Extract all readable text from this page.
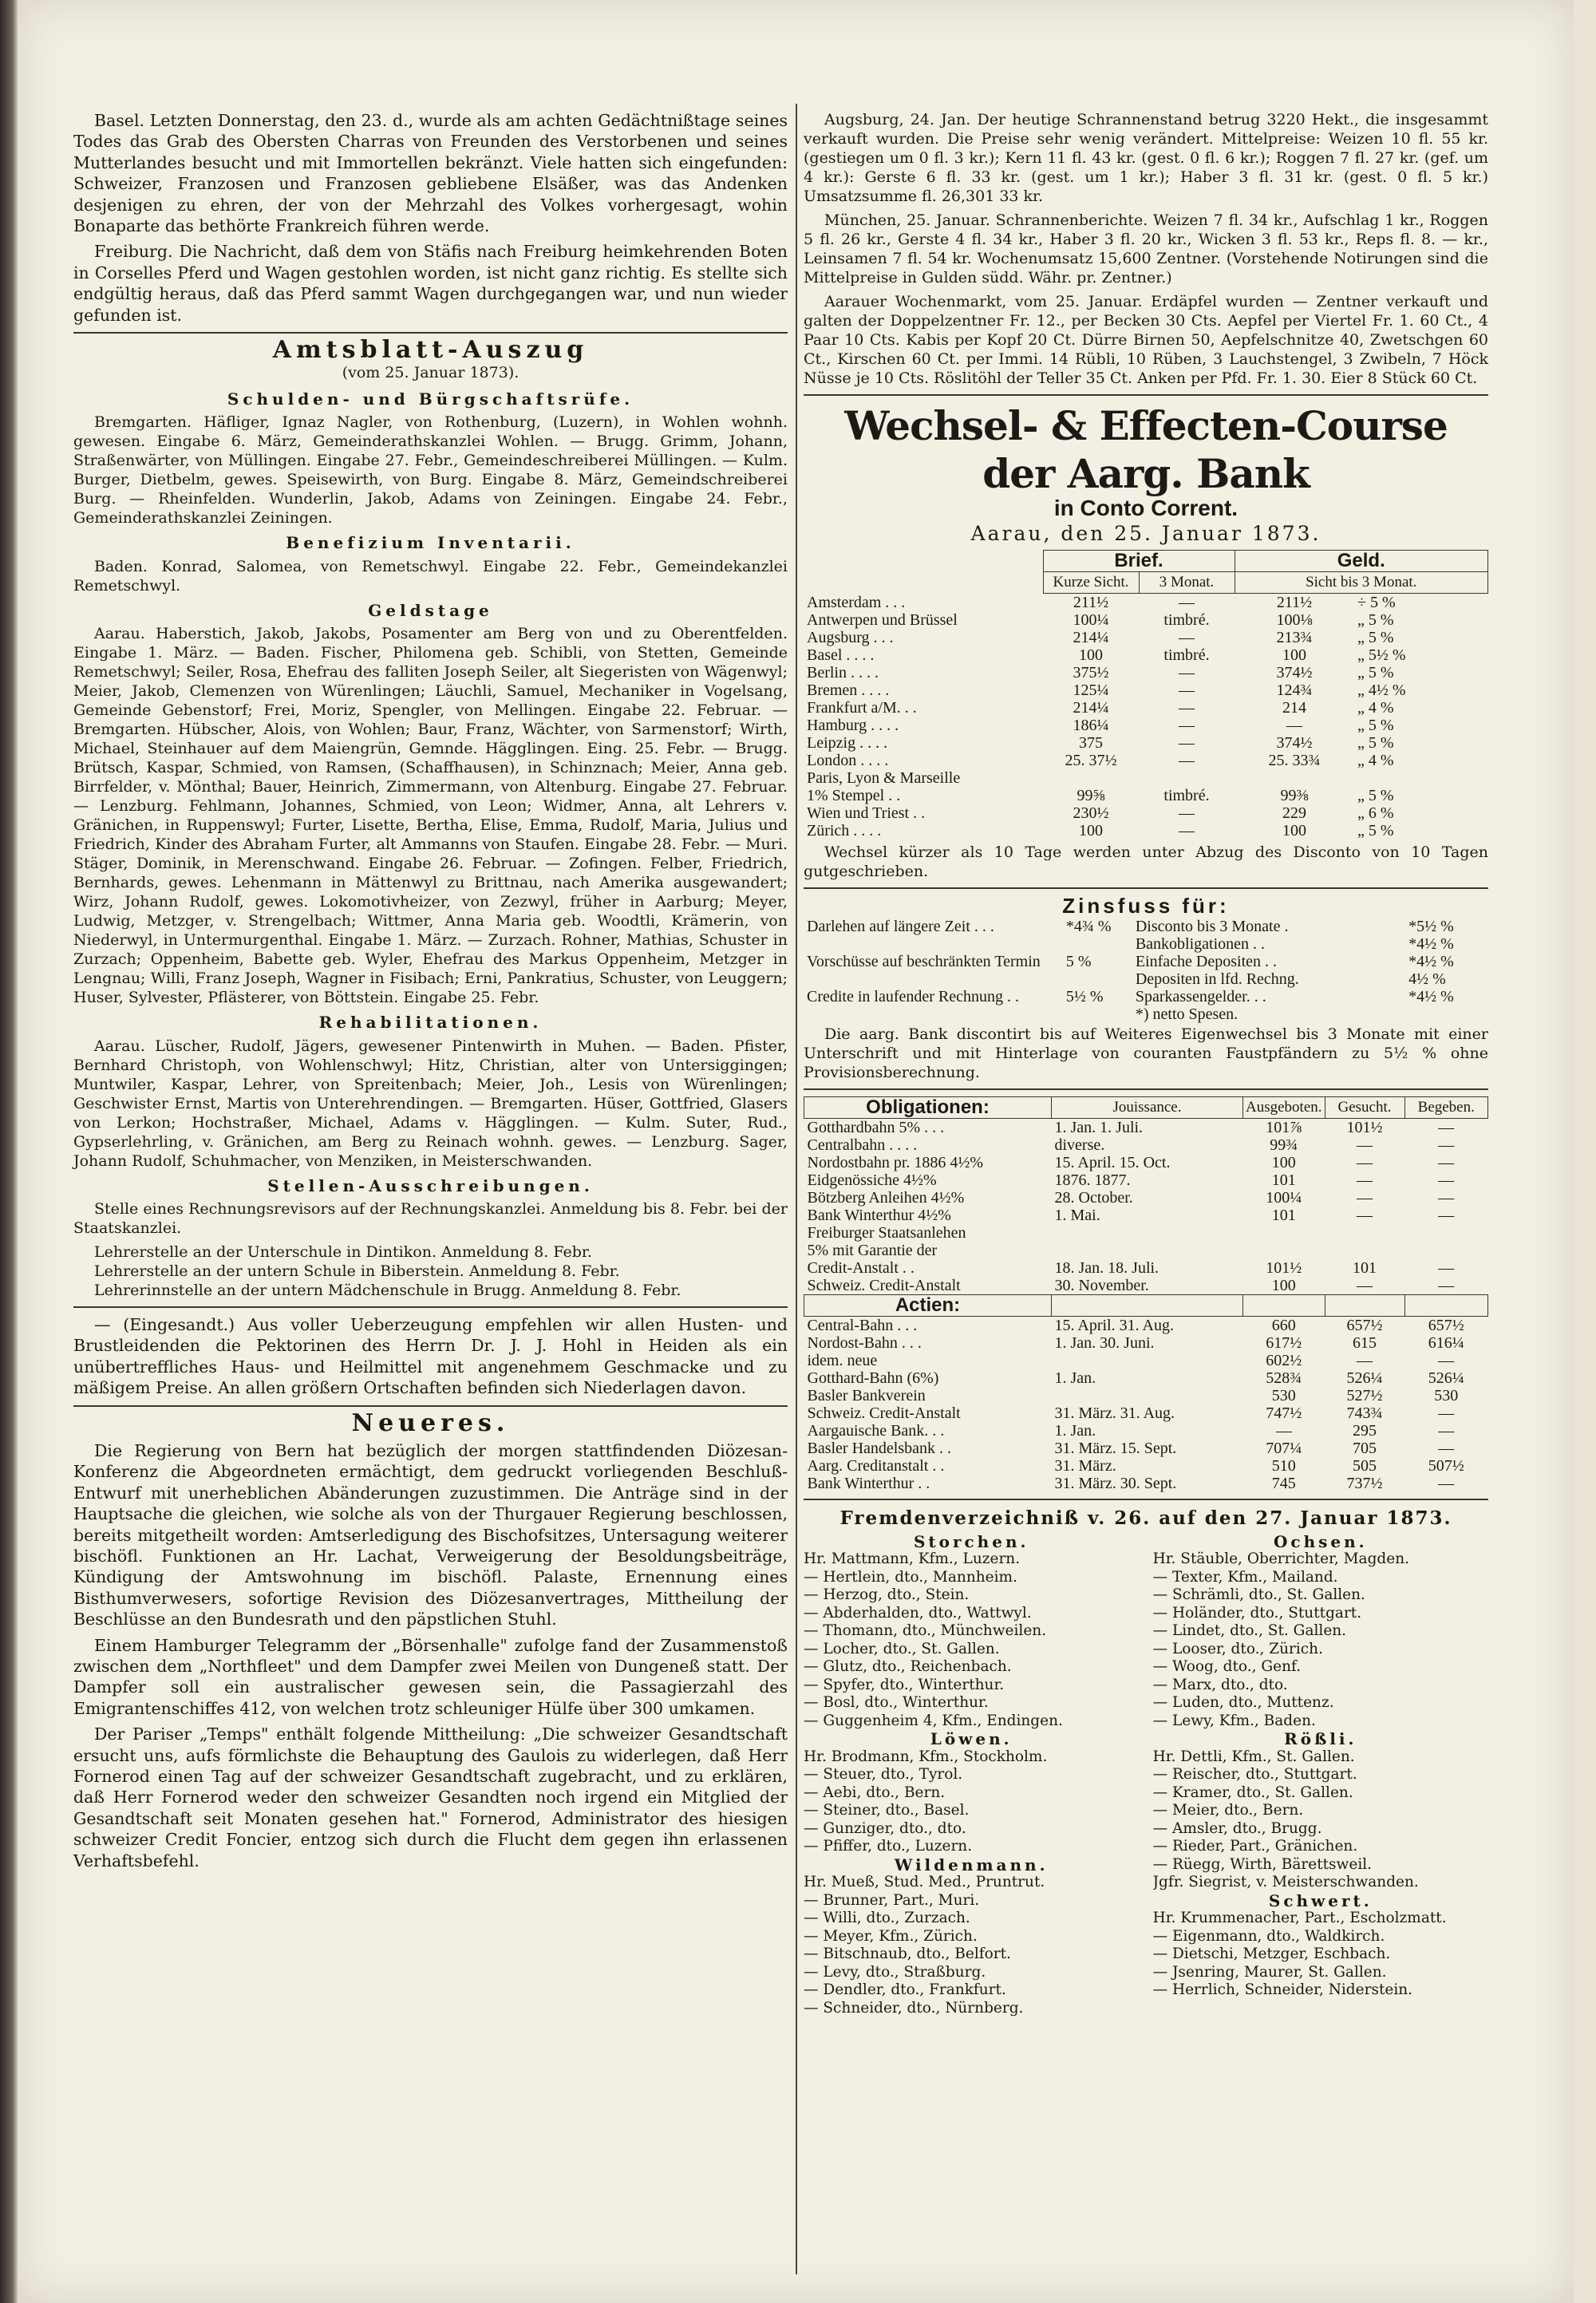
Basel. Letzten Donnerstag, den 23. d., wurde als am achten Gedächtnißtage seines Todes das Grab des Obersten Charras von Freunden des Verstorbenen und seines Mutterlandes besucht und mit Immortellen bekränzt. Viele hatten sich eingefunden: Schweizer, Franzosen und Franzosen gebliebene Elsäßer, was das Andenken desjenigen zu ehren, der von der Mehrzahl des Volkes vorhergesagt, wohin Bonaparte das bethörte Frankreich führen werde.

Freiburg. Die Nachricht, daß dem von Stäfis nach Freiburg heimkehrenden Boten in Corselles Pferd und Wagen gestohlen worden, ist nicht ganz richtig. Es stellte sich endgültig heraus, daß das Pferd sammt Wagen durchgegangen war, und nun wieder gefunden ist.

Amtsblatt-Auszug
(vom 25. Januar 1873).
Schulden- und Bürgschaftsrüfe.

Bremgarten. Häfliger, Ignaz Nagler, von Rothenburg, (Luzern), in Wohlen wohnh. gewesen. Eingabe 6. März, Gemeinderathskanzlei Wohlen. — Brugg. Grimm, Johann, Straßenwärter, von Müllingen. Eingabe 27. Febr., Gemeindeschreiberei Müllingen. — Kulm. Burger, Dietbelm, gewes. Speisewirth, von Burg. Eingabe 8. März, Gemeindschreiberei Burg. — Rheinfelden. Wunderlin, Jakob, Adams von Zeiningen. Eingabe 24. Febr., Gemeinderathskanzlei Zeiningen.

Benefizium Inventarii.

Baden. Konrad, Salomea, von Remetschwyl. Eingabe 22. Febr., Gemeindekanzlei Remetschwyl.

Geldstage

Aarau. Haberstich, Jakob, Jakobs, Posamenter am Berg von und zu Oberentfelden. Eingabe 1. März. — Baden. Fischer, Philomena geb. Schibli, von Stetten, Gemeinde Remetschwyl; Seiler, Rosa, Ehefrau des falliten Joseph Seiler, alt Siegeristen von Wägenwyl; Meier, Jakob, Clemenzen von Würenlingen; Läuchli, Samuel, Mechaniker in Vogelsang, Gemeinde Gebenstorf; Frei, Moriz, Spengler, von Mellingen. Eingabe 22. Februar. — Bremgarten. Hübscher, Alois, von Wohlen; Baur, Franz, Wächter, von Sarmenstorf; Wirth, Michael, Steinhauer auf dem Maiengrün, Gemnde. Hägglingen. Eing. 25. Febr. — Brugg. Brütsch, Kaspar, Schmied, von Ramsen, (Schaffhausen), in Schinznach; Meier, Anna geb. Birrfelder, v. Mönthal; Bauer, Heinrich, Zimmermann, von Altenburg. Eingabe 27. Februar. — Lenzburg. Fehlmann, Johannes, Schmied, von Leon; Widmer, Anna, alt Lehrers v. Gränichen, in Ruppenswyl; Furter, Lisette, Bertha, Elise, Emma, Rudolf, Maria, Julius und Friedrich, Kinder des Abraham Furter, alt Ammanns von Staufen. Eingabe 28. Febr. — Muri. Stäger, Dominik, in Merenschwand. Eingabe 26. Februar. — Zofingen. Felber, Friedrich, Bernhards, gewes. Lehenmann in Mättenwyl zu Brittnau, nach Amerika ausgewandert; Wirz, Johann Rudolf, gewes. Lokomotivheizer, von Zezwyl, früher in Aarburg; Meyer, Ludwig, Metzger, v. Strengelbach; Wittmer, Anna Maria geb. Woodtli, Krämerin, von Niederwyl, in Untermurgenthal. Eingabe 1. März. — Zurzach. Rohner, Mathias, Schuster in Zurzach; Oppenheim, Babette geb. Wyler, Ehefrau des Markus Oppenheim, Metzger in Lengnau; Willi, Franz Joseph, Wagner in Fisibach; Erni, Pankratius, Schuster, von Leuggern; Huser, Sylvester, Pflästerer, von Böttstein. Eingabe 25. Febr.

Rehabilitationen.

Aarau. Lüscher, Rudolf, Jägers, gewesener Pintenwirth in Muhen. — Baden. Pfister, Bernhard Christoph, von Wohlenschwyl; Hitz, Christian, alter von Untersiggingen; Muntwiler, Kaspar, Lehrer, von Spreitenbach; Meier, Joh., Lesis von Würenlingen; Geschwister Ernst, Martis von Unterehrendingen. — Bremgarten. Hüser, Gottfried, Glasers von Lerkon; Hochstraßer, Michael, Adams v. Hägglingen. — Kulm. Suter, Rud., Gypserlehrling, v. Gränichen, am Berg zu Reinach wohnh. gewes. — Lenzburg. Sager, Johann Rudolf, Schuhmacher, von Menziken, in Meisterschwanden.

Stellen-Ausschreibungen.

Stelle eines Rechnungsrevisors auf der Rechnungskanzlei. Anmeldung bis 8. Febr. bei der Staatskanzlei.

Lehrerstelle an der Unterschule in Dintikon. Anmeldung 8. Febr.

Lehrerstelle an der untern Schule in Biberstein. Anmeldung 8. Febr.

Lehrerinnstelle an der untern Mädchenschule in Brugg. Anmeldung 8. Febr.

— (Eingesandt.) Aus voller Ueberzeugung empfehlen wir allen Husten- und Brustleidenden die Pektorinen des Herrn Dr. J. J. Hohl in Heiden als ein unübertreffliches Haus- und Heilmittel mit angenehmem Geschmacke und zu mäßigem Preise. An allen größern Ortschaften befinden sich Niederlagen davon.

Neueres.

Die Regierung von Bern hat bezüglich der morgen stattfindenden Diözesan-Konferenz die Abgeordneten ermächtigt, dem gedruckt vorliegenden Beschluß-Entwurf mit unerheblichen Abänderungen zuzustimmen. Die Anträge sind in der Hauptsache die gleichen, wie solche als von der Thurgauer Regierung beschlossen, bereits mitgetheilt worden: Amtserledigung des Bischofsitzes, Untersagung weiterer bischöfl. Funktionen an Hr. Lachat, Verweigerung der Besoldungsbeiträge, Kündigung der Amtswohnung im bischöfl. Palaste, Ernennung eines Bisthumverwesers, sofortige Revision des Diözesanvertrages, Mittheilung der Beschlüsse an den Bundesrath und den päpstlichen Stuhl.

Einem Hamburger Telegramm der „Börsenhalle" zufolge fand der Zusammenstoß zwischen dem „Northfleet" und dem Dampfer zwei Meilen von Dungeneß statt. Der Dampfer soll ein australischer gewesen sein, die Passagierzahl des Emigrantenschiffes 412, von welchen trotz schleuniger Hülfe über 300 umkamen.

Der Pariser „Temps" enthält folgende Mittheilung: „Die schweizer Gesandtschaft ersucht uns, aufs förmlichste die Behauptung des Gaulois zu widerlegen, daß Herr Fornerod einen Tag auf der schweizer Gesandtschaft zugebracht, und zu erklären, daß Herr Fornerod weder den schweizer Gesandten noch irgend ein Mitglied der Gesandtschaft seit Monaten gesehen hat." Fornerod, Administrator des hiesigen schweizer Credit Foncier, entzog sich durch die Flucht dem gegen ihn erlassenen Verhaftsbefehl.

Augsburg, 24. Jan. Der heutige Schrannenstand betrug 3220 Hekt., die insgesammt verkauft wurden. Die Preise sehr wenig verändert. Mittelpreise: Weizen 10 fl. 55 kr. (gestiegen um 0 fl. 3 kr.); Kern 11 fl. 43 kr. (gest. 0 fl. 6 kr.); Roggen 7 fl. 27 kr. (gef. um 4 kr.): Gerste 6 fl. 33 kr. (gest. um 1 kr.); Haber 3 fl. 31 kr. (gest. 0 fl. 5 kr.) Umsatzsumme fl. 26,301 33 kr.

München, 25. Januar. Schrannenberichte. Weizen 7 fl. 34 kr., Aufschlag 1 kr., Roggen 5 fl. 26 kr., Gerste 4 fl. 34 kr., Haber 3 fl. 20 kr., Wicken 3 fl. 53 kr., Reps fl. 8. — kr., Leinsamen 7 fl. 54 kr. Wochenumsatz 15,600 Zentner. (Vorstehende Notirungen sind die Mittelpreise in Gulden südd. Währ. pr. Zentner.)

Aarauer Wochenmarkt, vom 25. Januar. Erdäpfel wurden — Zentner verkauft und galten der Doppelzentner Fr. 12., per Becken 30 Cts. Aepfel per Viertel Fr. 1. 60 Ct., 4 Paar 10 Cts. Kabis per Kopf 20 Ct. Dürre Birnen 50, Aepfelschnitze 40, Zwetschgen 60 Ct., Kirschen 60 Ct. per Immi. 14 Rübli, 10 Rüben, 3 Lauchstengel, 3 Zwibeln, 7 Höck Nüsse je 10 Cts. Röslitöhl der Teller 35 Ct. Anken per Pfd. Fr. 1. 30. Eier 8 Stück 60 Ct.

Wechsel- & Effecten-Course der Aarg. Bank
in Conto Corrent.
Aarau, den 25. Januar 1873.
	Brief.		Geld.	
	Kurze Sicht.	3 Monat.	Sicht bis 3 Monat.	
Amsterdam . . .	211½	—	211½	÷ 5 %
Antwerpen und Brüssel	100¼	timbré.	100⅛	„ 5 %
Augsburg . . .	214¼	—	213¾	„ 5 %
Basel . . . .	100	timbré.	100	„ 5½ %
Berlin . . . .	375½	—	374½	„ 5 %
Bremen . . . .	125¼	—	124¾	„ 4½ %
Frankfurt a/M. . .	214¼	—	214	„ 4 %
Hamburg . . . .	186¼	—	—	„ 5 %
Leipzig . . . .	375	—	374½	„ 5 %
London . . . .	25. 37½	—	25. 33¾	„ 4 %
Paris, Lyon & Marseille				
1% Stempel . .	99⅝	timbré.	99⅜	„ 5 %
Wien und Triest . .	230½	—	229	„ 6 %
Zürich . . . .	100	—	100	„ 5 %

Wechsel kürzer als 10 Tage werden unter Abzug des Disconto von 10 Tagen gutgeschrieben.

Zinsfuss für:
Darlehen auf längere Zeit . . .	*4¾ %
Vorschüsse auf beschränkten Termin	5 %
Credite in laufender Rechnung . .	5½ %
Disconto bis 3 Monate .	*5½ %
Bankobligationen . .	*4½ %
Einfache Depositen . .	*4½ %
Depositen in lfd. Rechng.	4½ %
Sparkassengelder. . .	*4½ %
*) netto Spesen.	

Die aarg. Bank discontirt bis auf Weiteres Eigenwechsel bis 3 Monate mit einer Unterschrift und mit Hinterlage von couranten Faustpfändern zu 5½ % ohne Provisionsberechnung.

Obligationen:	Jouissance.	Ausgeboten.	Gesucht.	Begeben.
Gotthardbahn 5% . . .	1. Jan. 1. Juli.	101⅞	101½	—
Centralbahn . . . .	diverse.	99¾	—	—
Nordostbahn pr. 1886 4½%	15. April. 15. Oct.	100	—	—
Eidgenössiche 4½%	1876. 1877.	101	—	—
Bötzberg Anleihen 4½%	28. October.	100¼	—	—
Bank Winterthur 4½%	1. Mai.	101	—	—
Freiburger Staatsanlehen				
5% mit Garantie der				
Credit-Anstalt . .	18. Jan. 18. Juli.	101½	101	—
Schweiz. Credit-Anstalt	30. November.	100	—	—
Actien:				
Central-Bahn . . .	15. April. 31. Aug.	660	657½	657½
Nordost-Bahn . . .	1. Jan. 30. Juni.	617½	615	616¼
idem. neue		602½	—	—
Gotthard-Bahn (6%)	1. Jan.	528¾	526¼	526¼
Basler Bankverein		530	527½	530
Schweiz. Credit-Anstalt	31. März. 31. Aug.	747½	743¾	—
Aargauische Bank. . .	1. Jan.	—	295	—
Basler Handelsbank . .	31. März. 15. Sept.	707¼	705	—
Aarg. Creditanstalt . .	31. März.	510	505	507½
Bank Winterthur . .	31. März. 30. Sept.	745	737½	—
Fremdenverzeichniß v. 26. auf den 27. Januar 1873.
Storchen.
Hr. Mattmann, Kfm., Luzern.
— Hertlein, dto., Mannheim.
— Herzog, dto., Stein.
— Abderhalden, dto., Wattwyl.
— Thomann, dto., Münchweilen.
— Locher, dto., St. Gallen.
— Glutz, dto., Reichenbach.
— Spyfer, dto., Winterthur.
— Bosl, dto., Winterthur.
— Guggenheim 4, Kfm., Endingen.
Löwen.
Hr. Brodmann, Kfm., Stockholm.
— Steuer, dto., Tyrol.
— Aebi, dto., Bern.
— Steiner, dto., Basel.
— Gunziger, dto., dto.
— Pfiffer, dto., Luzern.
Wildenmann.
Hr. Mueß, Stud. Med., Pruntrut.
— Brunner, Part., Muri.
— Willi, dto., Zurzach.
— Meyer, Kfm., Zürich.
— Bitschnaub, dto., Belfort.
— Levy, dto., Straßburg.
— Dendler, dto., Frankfurt.
— Schneider, dto., Nürnberg.
Ochsen.
Hr. Stäuble, Oberrichter, Magden.
— Texter, Kfm., Mailand.
— Schrämli, dto., St. Gallen.
— Holänder, dto., Stuttgart.
— Lindet, dto., St. Gallen.
— Looser, dto., Zürich.
— Woog, dto., Genf.
— Marx, dto., dto.
— Luden, dto., Muttenz.
— Lewy, Kfm., Baden.
Rößli.
Hr. Dettli, Kfm., St. Gallen.
— Reischer, dto., Stuttgart.
— Kramer, dto., St. Gallen.
— Meier, dto., Bern.
— Amsler, dto., Brugg.
— Rieder, Part., Gränichen.
— Rüegg, Wirth, Bärettsweil.
Jgfr. Siegrist, v. Meisterschwanden.
Schwert.
Hr. Krummenacher, Part., Escholzmatt.
— Eigenmann, dto., Waldkirch.
— Dietschi, Metzger, Eschbach.
— Jsenring, Maurer, St. Gallen.
— Herrlich, Schneider, Niderstein.
